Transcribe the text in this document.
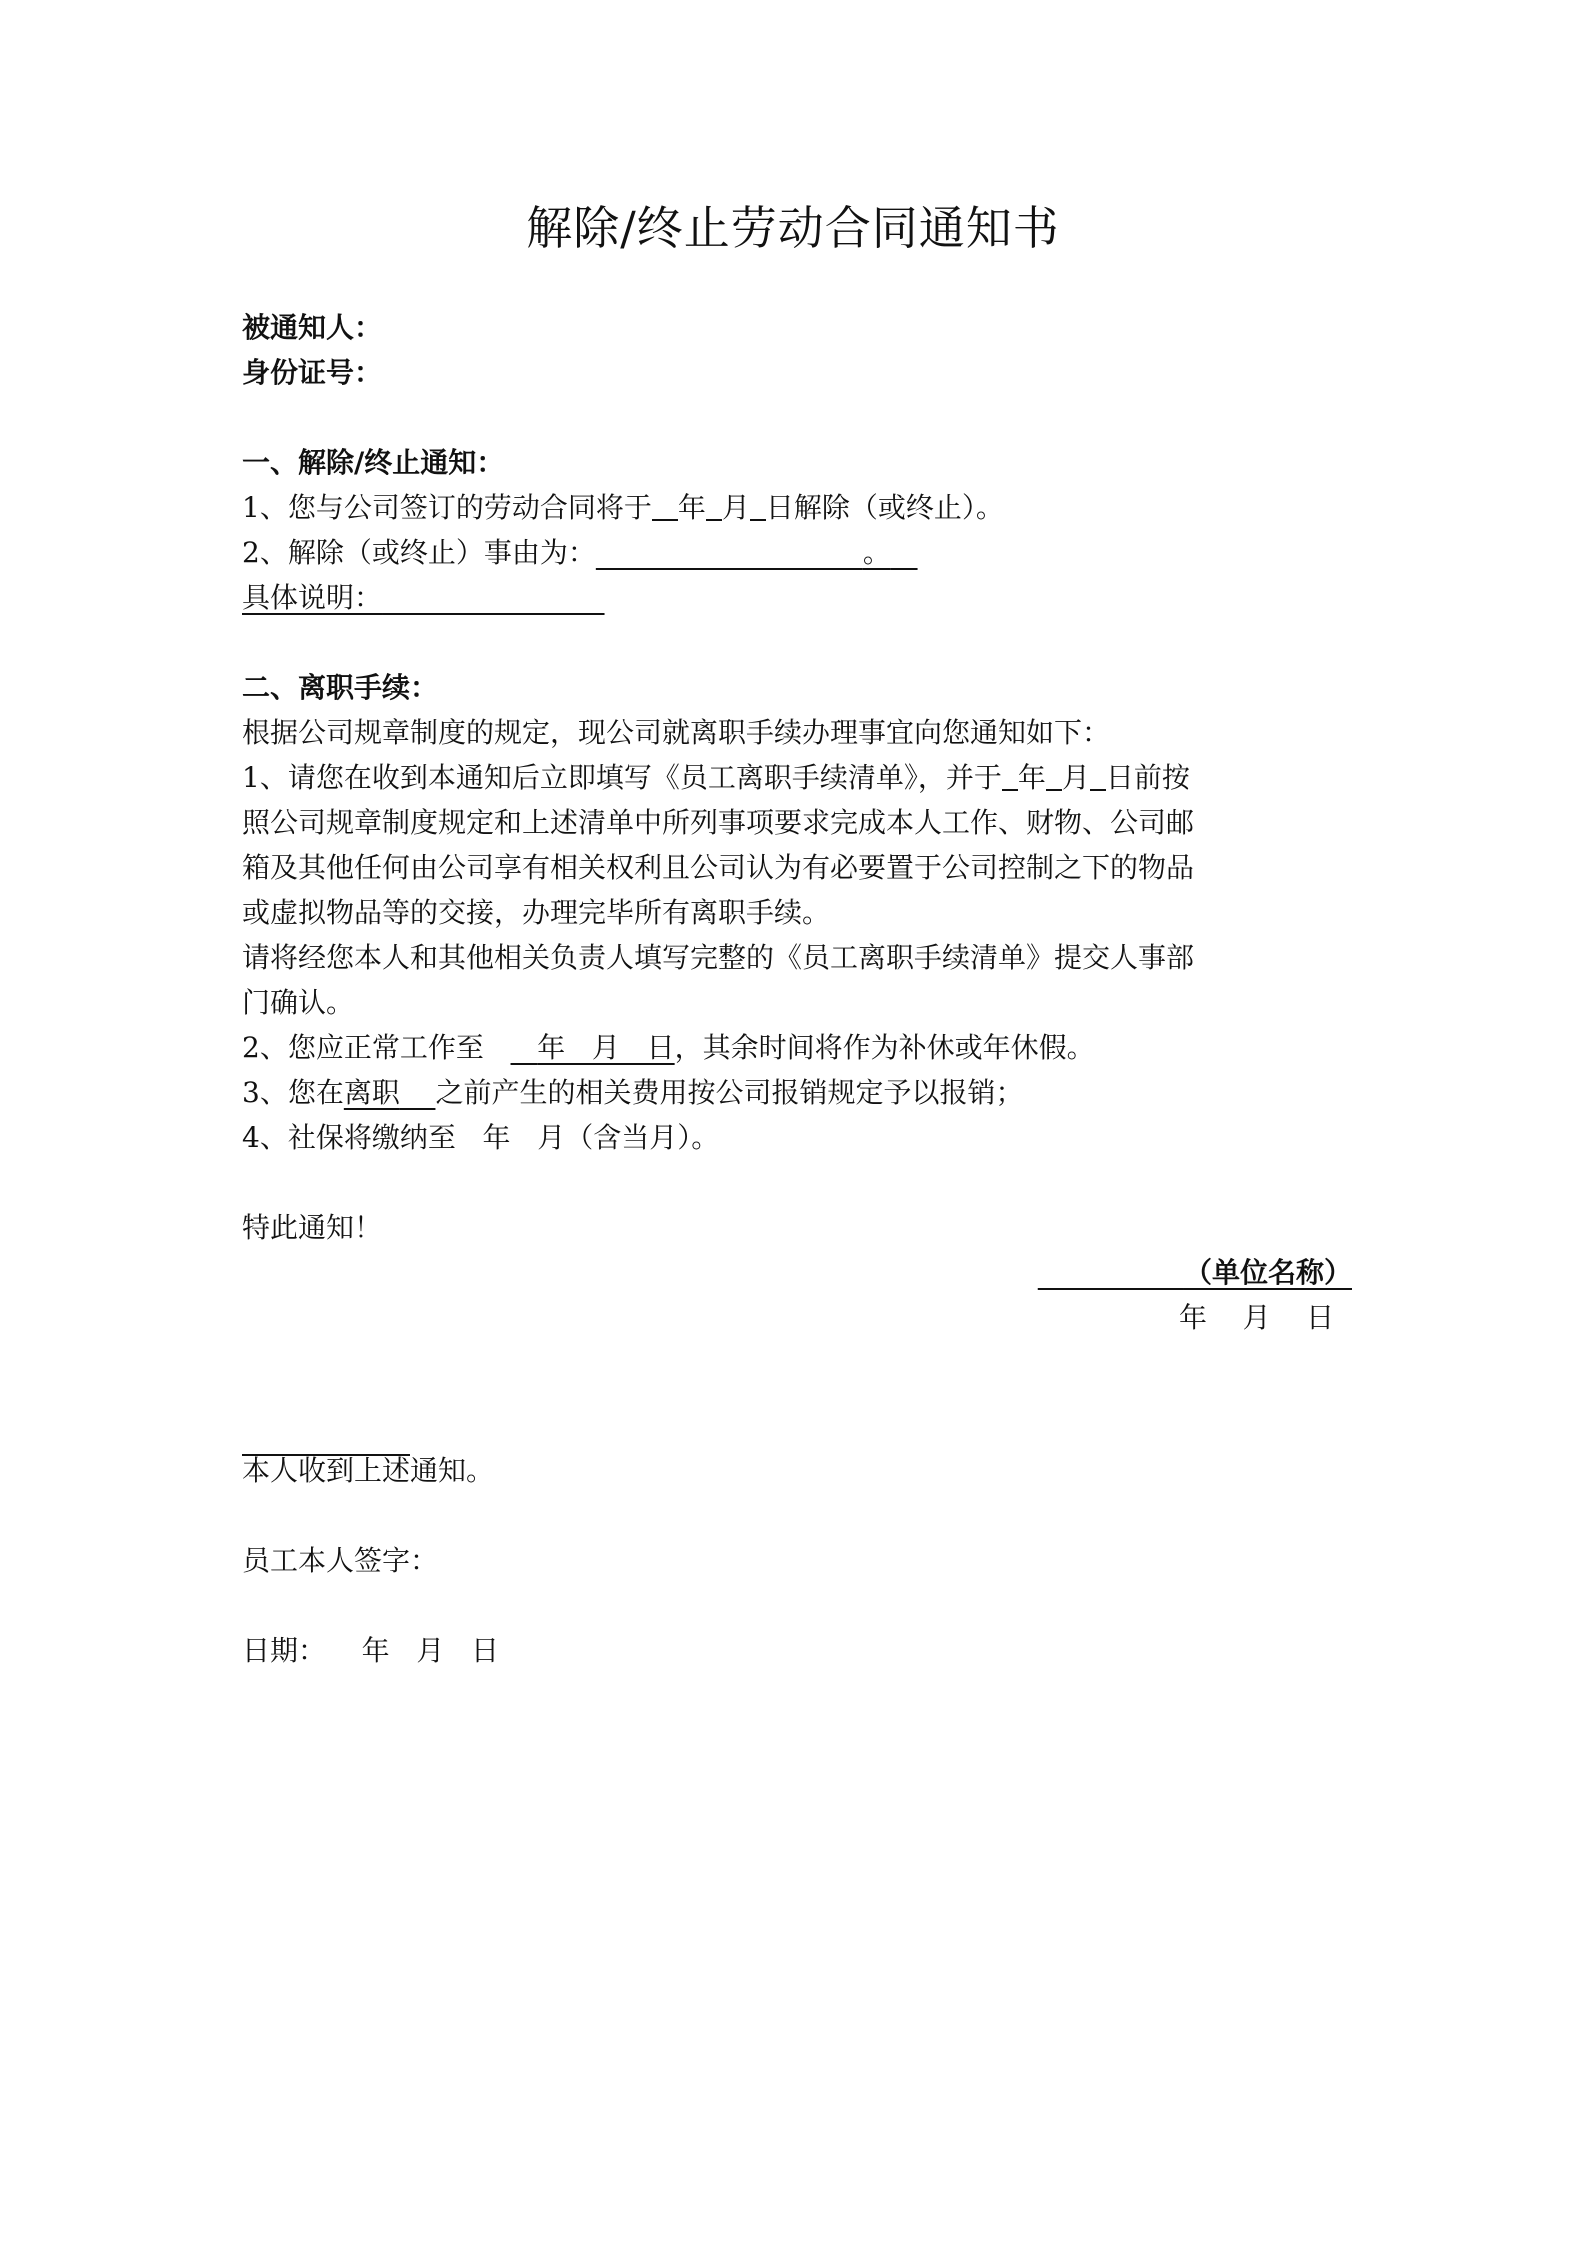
解除/终止劳动合同通知书
被通知人：
身份证号：
一、解除/终止通知：
1、您与公司签订的劳动合同将于 年 月 日解除（或终止）。
2、解除（或终止）事由为：	。
具体说明：
二、离职手续：
根据公司规章制度的规定，现公司就离职手续办理事宜向您通知如下：
1、请您在收到本通知后立即填写《员工离职手续清单》，并于 年 月 日前按
照公司规章制度规定和上述清单中所列事项要求完成本人工作、财物、公司邮
箱及其他任何由公司享有相关权利且公司认为有必要置于公司控制之下的物品
或虚拟物品等的交接，办理完毕所有离职手续。
请将经您本人和其他相关负责人填写完整的《员工离职手续清单》提交人事部
门确认。
2、您应正常工作至 年   月   日，其余时间将作为补休或年休假。
3、您在离职 之前产生的相关费用按公司报销规定予以报销；
4、社保将缴纳至   年   月（含当月）。
特此通知！
（单位名称）
年    月    日
本人收到上述通知。
员工本人签字：
日期： 年   月   日
